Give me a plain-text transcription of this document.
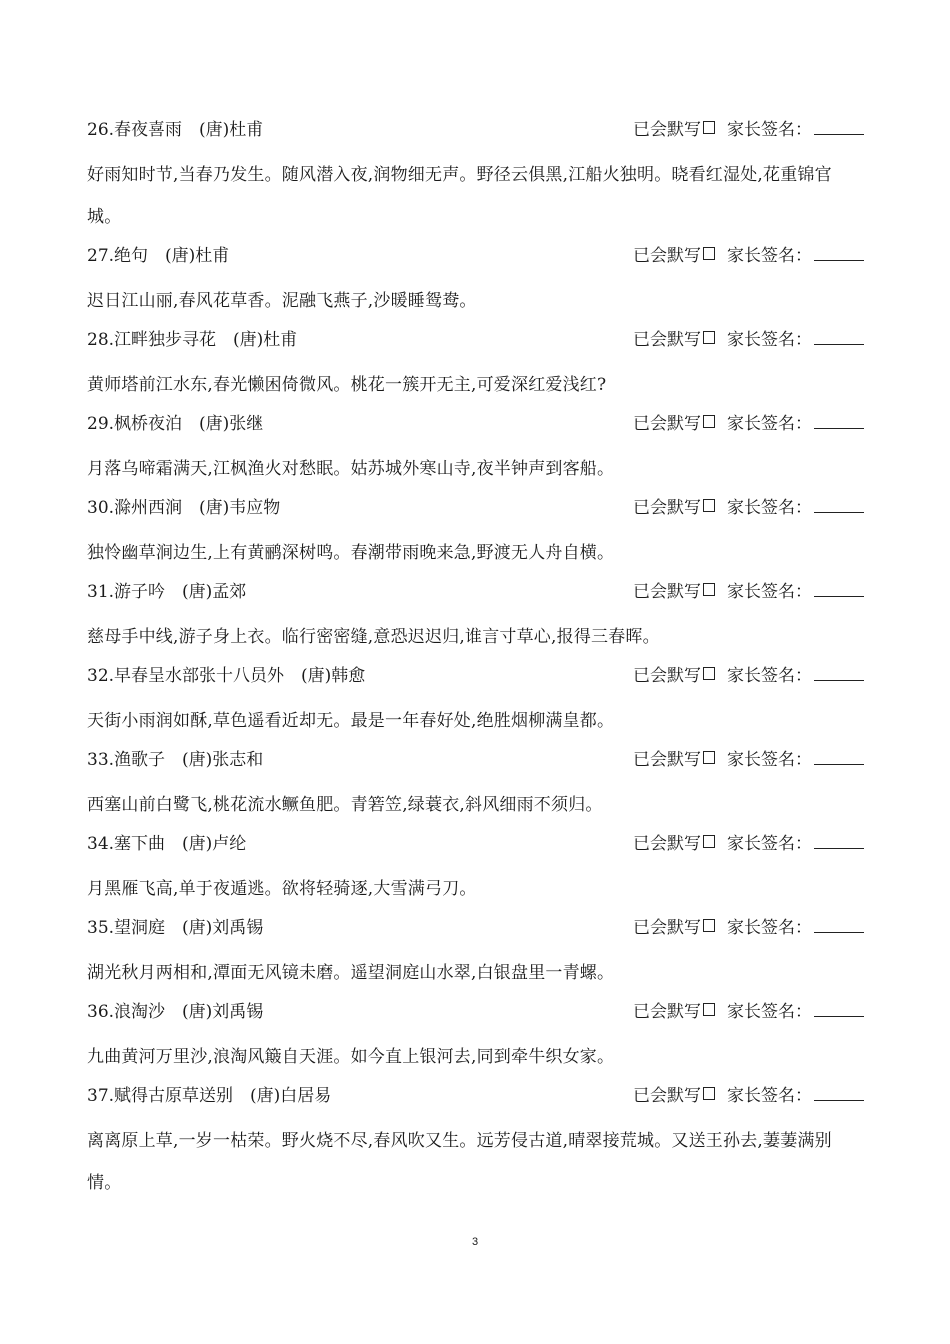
26.春夜喜雨　(唐)杜甫	已会默写 家长签名：
好雨知时节,当春乃发生。随风潜入夜,润物细无声。野径云俱黑,江船火独明。晓看红湿处,花重锦官城。
27.绝句　(唐)杜甫	已会默写 家长签名：
迟日江山丽,春风花草香。泥融飞燕子,沙暖睡鸳鸯。
28.江畔独步寻花　(唐)杜甫	已会默写 家长签名：
黄师塔前江水东,春光懒困倚微风。桃花一簇开无主,可爱深红爱浅红?
29.枫桥夜泊　(唐)张继	已会默写 家长签名：
月落乌啼霜满天,江枫渔火对愁眠。姑苏城外寒山寺,夜半钟声到客船。
30.滁州西涧　(唐)韦应物	已会默写 家长签名：
独怜幽草涧边生,上有黄鹂深树鸣。春潮带雨晚来急,野渡无人舟自横。
31.游子吟　(唐)孟郊	已会默写 家长签名：
慈母手中线,游子身上衣。临行密密缝,意恐迟迟归,谁言寸草心,报得三春晖。
32.早春呈水部张十八员外　(唐)韩愈	已会默写 家长签名：
天街小雨润如酥,草色遥看近却无。最是一年春好处,绝胜烟柳满皇都。
33.渔歌子　(唐)张志和	已会默写 家长签名：
西塞山前白鹭飞,桃花流水鳜鱼肥。青箬笠,绿蓑衣,斜风细雨不须归。
34.塞下曲　(唐)卢纶	已会默写 家长签名：
月黑雁飞高,单于夜遁逃。欲将轻骑逐,大雪满弓刀。
35.望洞庭　(唐)刘禹锡	已会默写 家长签名：
湖光秋月两相和,潭面无风镜未磨。遥望洞庭山水翠,白银盘里一青螺。
36.浪淘沙　(唐)刘禹锡	已会默写 家长签名：
九曲黄河万里沙,浪淘风簸自天涯。如今直上银河去,同到牵牛织女家。
37.赋得古原草送别　(唐)白居易	已会默写 家长签名：
离离原上草,一岁一枯荣。野火烧不尽,春风吹又生。远芳侵古道,晴翠接荒城。又送王孙去,萋萋满别情。
3
